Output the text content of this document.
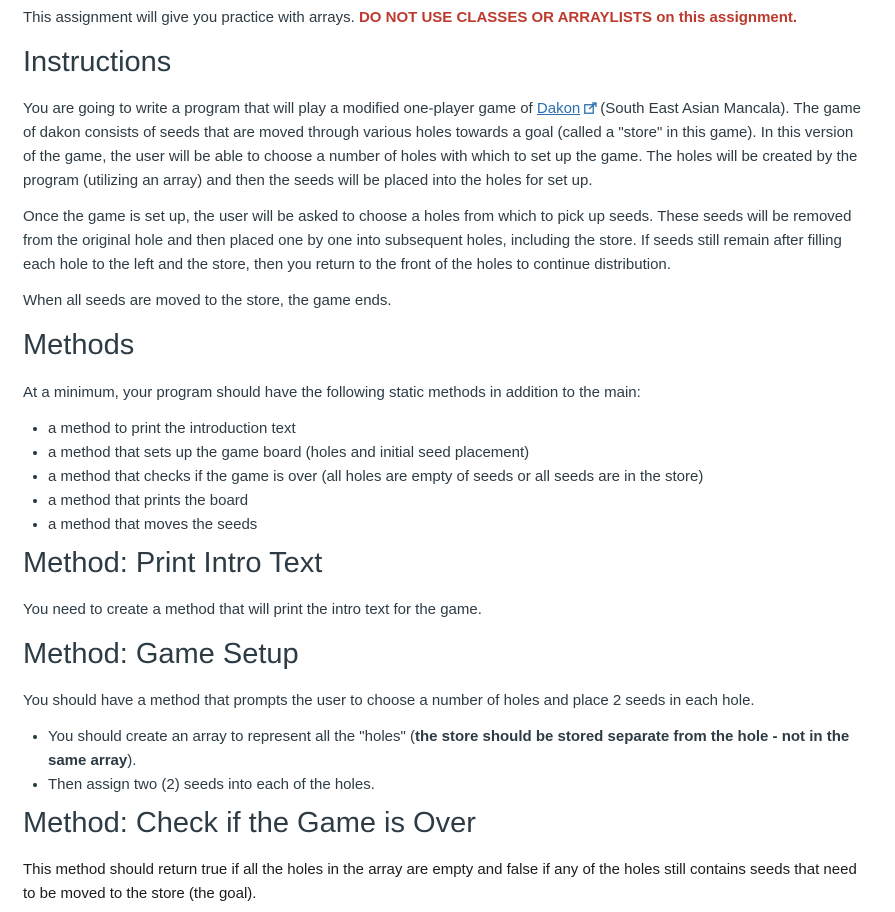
This assignment will give you practice with arrays. DO NOT USE CLASSES OR ARRAYLISTS on this assignment.

Instructions

You are going to write a program that will play a modified one-player game of Dakon (South East Asian Mancala). The game of dakon consists of seeds that are moved through various holes towards a goal (called a "store" in this game). In this version of the game, the user will be able to choose a number of holes with which to set up the game. The holes will be created by the program (utilizing an array) and then the seeds will be placed into the holes for set up.

Once the game is set up, the user will be asked to choose a holes from which to pick up seeds. These seeds will be removed from the original hole and then placed one by one into subsequent holes, including the store. If seeds still remain after filling each hole to the left and the store, then you return to the front of the holes to continue distribution.

When all seeds are moved to the store, the game ends.

Methods

At a minimum, your program should have the following static methods in addition to the main:

• a method to print the introduction text
• a method that sets up the game board (holes and initial seed placement)
• a method that checks if the game is over (all holes are empty of seeds or all seeds are in the store)
• a method that prints the board
• a method that moves the seeds
Method: Print Intro Text

You need to create a method that will print the intro text for the game.

Method: Game Setup

You should have a method that prompts the user to choose a number of holes and place 2 seeds in each hole.

• You should create an array to represent all the "holes" (the store should be stored separate from the hole - not in the same array).
• Then assign two (2) seeds into each of the holes.
Method: Check if the Game is Over

This method should return true if all the holes in the array are empty and false if any of the holes still contains seeds that need to be moved to the store (the goal).
